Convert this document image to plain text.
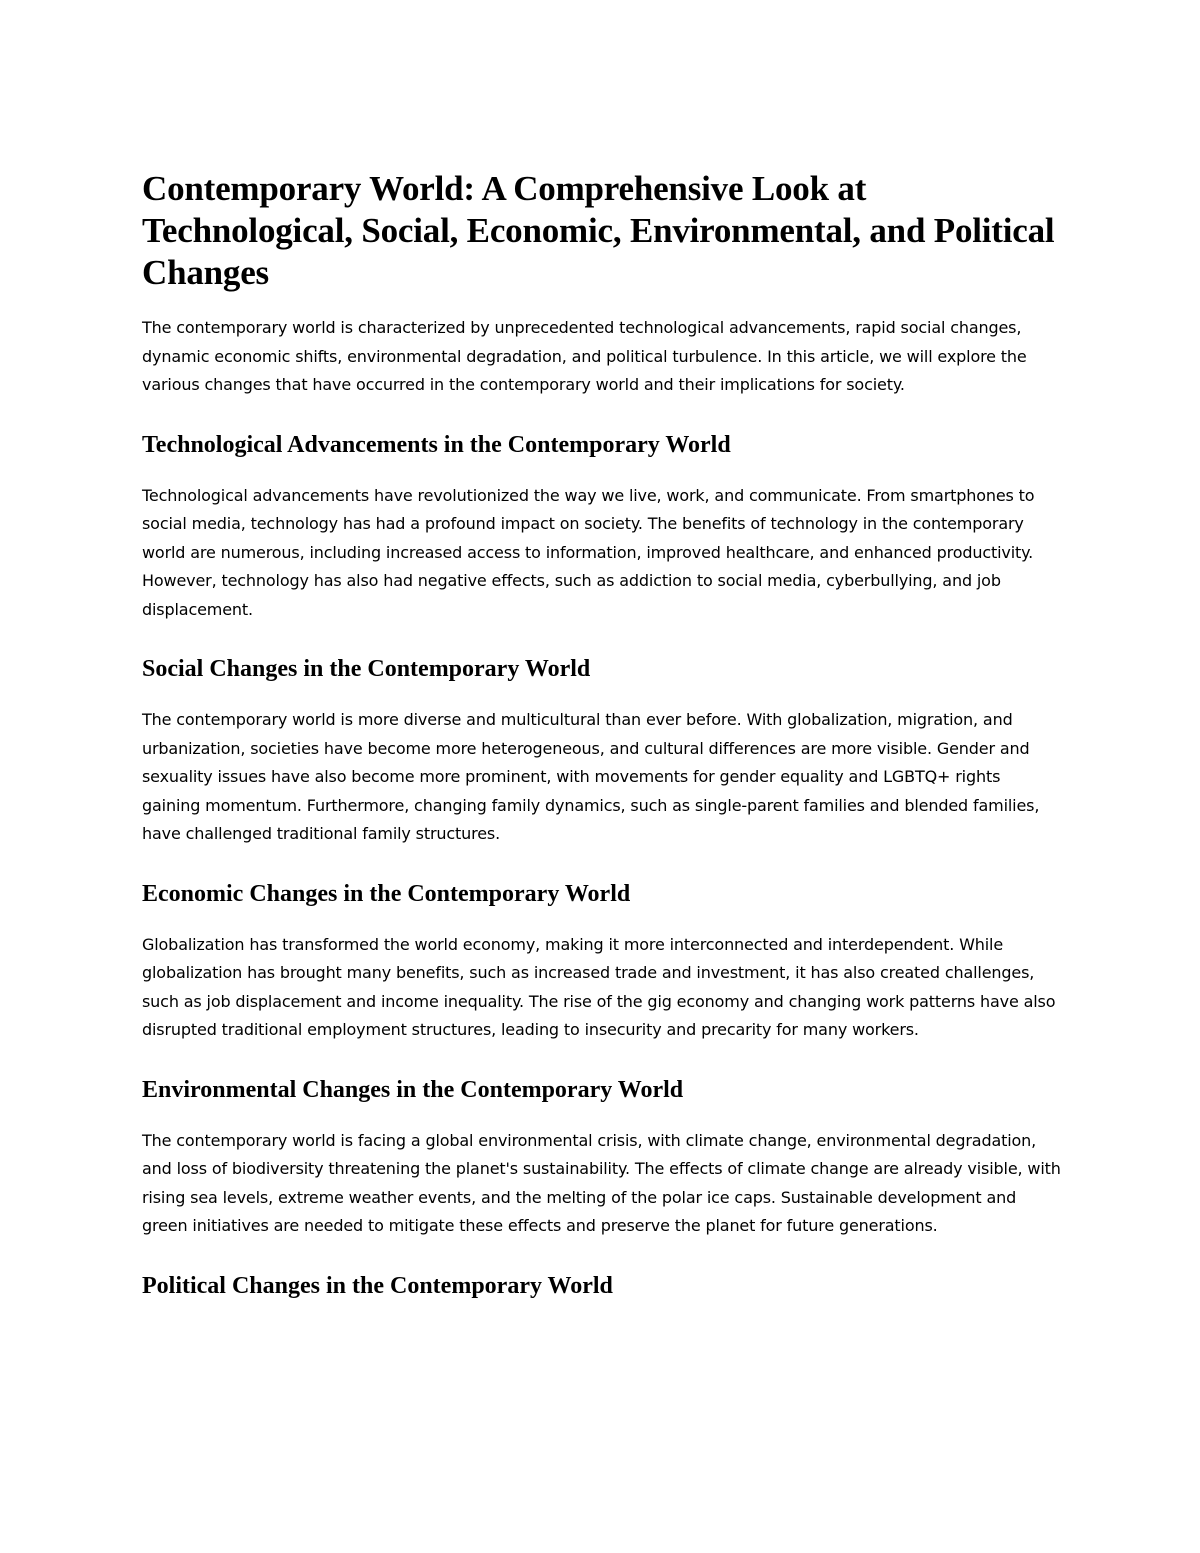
Contemporary World: A Comprehensive Look at Technological, Social, Economic, Environmental, and Political Changes

The contemporary world is characterized by unprecedented technological advancements, rapid social changes, dynamic economic shifts, environmental degradation, and political turbulence. In this article, we will explore the various changes that have occurred in the contemporary world and their implications for society.

Technological Advancements in the Contemporary World

Technological advancements have revolutionized the way we live, work, and communicate. From smartphones to social media, technology has had a profound impact on society. The benefits of technology in the contemporary world are numerous, including increased access to information, improved healthcare, and enhanced productivity. However, technology has also had negative effects, such as addiction to social media, cyberbullying, and job displacement.

Social Changes in the Contemporary World

The contemporary world is more diverse and multicultural than ever before. With globalization, migration, and urbanization, societies have become more heterogeneous, and cultural differences are more visible. Gender and sexuality issues have also become more prominent, with movements for gender equality and LGBTQ+ rights gaining momentum. Furthermore, changing family dynamics, such as single-parent families and blended families, have challenged traditional family structures.

Economic Changes in the Contemporary World

Globalization has transformed the world economy, making it more interconnected and interdependent. While globalization has brought many benefits, such as increased trade and investment, it has also created challenges, such as job displacement and income inequality. The rise of the gig economy and changing work patterns have also disrupted traditional employment structures, leading to insecurity and precarity for many workers.

Environmental Changes in the Contemporary World

The contemporary world is facing a global environmental crisis, with climate change, environmental degradation, and loss of biodiversity threatening the planet's sustainability. The effects of climate change are already visible, with rising sea levels, extreme weather events, and the melting of the polar ice caps. Sustainable development and green initiatives are needed to mitigate these effects and preserve the planet for future generations.

Political Changes in the Contemporary World
